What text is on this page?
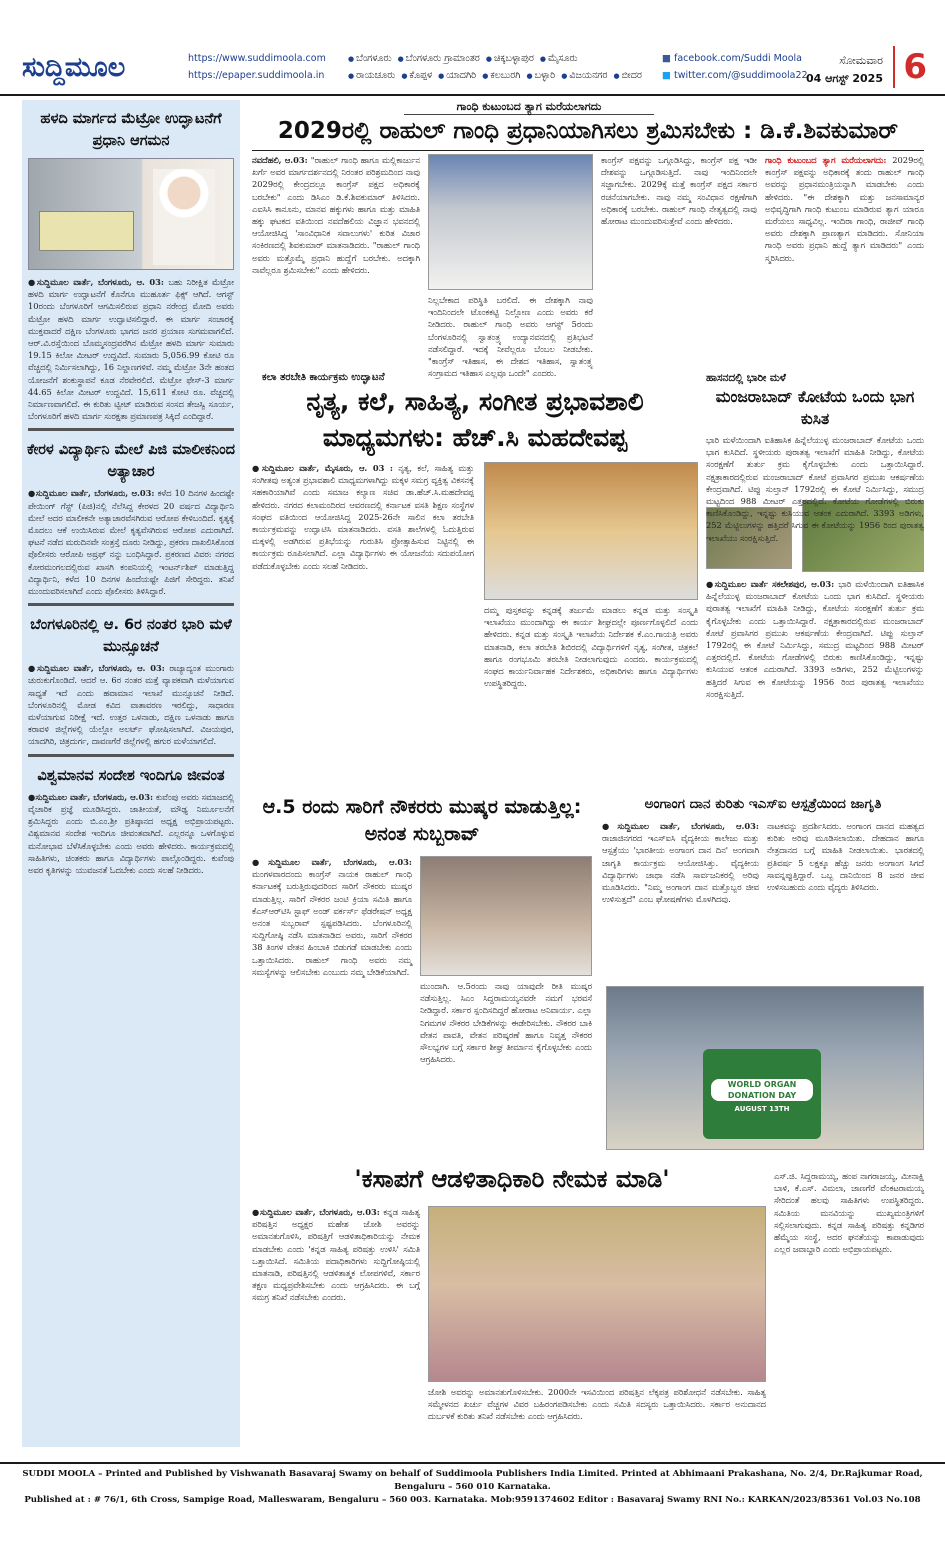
ಸುದ್ದಿಮೂಲ	https://www.suddimoola.com
https://epaper.suddimoola.in
● ಬೆಂಗಳೂರು ● ಬೆಂಗಳೂರು ಗ್ರಾಮಾಂತರ ● ಚಿಕ್ಕಬಳ್ಳಾಪುರ ● ಮೈಸೂರು
● ರಾಯಚೂರು ● ಕೊಪ್ಪಳ ● ಯಾದಗಿರಿ ● ಕಲಬುರಗಿ ● ಬಳ್ಳಾರಿ ● ವಿಜಯನಗರ ● ಬೀದರ
■ facebook.com/Suddi Moola
■ twitter.com/@suddimoola22
ಸೋಮವಾರ
04 ಆಗಸ್ಟ್ 2025 6
ಹಳದಿ ಮಾರ್ಗದ ಮೆಟ್ರೋ ಉದ್ಘಾಟನೆಗೆ ಪ್ರಧಾನಿ ಆಗಮನ
●ಸುದ್ದಿಮೂಲ ವಾರ್ತೆ, ಬೆಂಗಳೂರು, ಆ. 03: ಬಹು ನಿರೀಕ್ಷಿತ ಮೆಟ್ರೋ ಹಳದಿ ಮಾರ್ಗ ಉದ್ಘಾಟನೆಗೆ ಕೊನೆಗೂ ಮುಹೂರ್ತ ಫಿಕ್ಸ್ ಆಗಿದೆ. ಆಗಸ್ಟ್ 10ರಂದು ಬೆಂಗಳೂರಿಗೆ ಆಗಮಿಸಲಿರುವ ಪ್ರಧಾನಿ ನರೇಂದ್ರ ಮೋದಿ ಅವರು ಮೆಟ್ರೋ ಹಳದಿ ಮಾರ್ಗ ಉದ್ಘಾಟಿಸಲಿದ್ದಾರೆ. ಈ ಮಾರ್ಗ ಸಂಚಾರಕ್ಕೆ ಮುಕ್ತವಾದರೆ ದಕ್ಷಿಣ ಬೆಂಗಳೂರು ಭಾಗದ ಜನರ ಪ್ರಯಾಣ ಸುಗಮವಾಗಲಿದೆ. ಆರ್.ವಿ.ರಸ್ತೆಯಿಂದ ಬೊಮ್ಮಸಂದ್ರವರೆಗಿನ ಮೆಟ್ರೋ ಹಳದಿ ಮಾರ್ಗ ಸುಮಾರು 19.15 ಕಿಲೋ ಮೀಟರ್ ಉದ್ದವಿದೆ. ಸುಮಾರು 5,056.99 ಕೋಟಿ ರೂ ವೆಚ್ಚದಲ್ಲಿ ನಿರ್ಮಿಸಲಾಗಿದ್ದು, 16 ನಿಲ್ದಾಣಗಳಿವೆ. ನಮ್ಮ ಮೆಟ್ರೋ 3ನೇ ಹಂತದ ಯೋಜನೆಗೆ ಶಂಕುಸ್ಥಾಪನೆ ಕೂಡ ನೆರವೇರಲಿದೆ. ಮೆಟ್ರೋ ಫೇಸ್-3 ಮಾರ್ಗ 44.65 ಕಿಲೋ ಮೀಟರ್ ಉದ್ದವಿದೆ. 15,611 ಕೋಟಿ ರೂ. ವೆಚ್ಚದಲ್ಲಿ ನಿರ್ಮಾಣವಾಗಲಿದೆ. ಈ ಕುರಿತು ಟ್ವೀಟ್ ಮಾಡಿರುವ ಸಂಸದ ತೇಜಸ್ವಿ ಸೂರ್ಯ, ಬೆಂಗಳೂರಿಗೆ ಹಳದಿ ಮಾರ್ಗ ಸುರಕ್ಷತಾ ಪ್ರಮಾಣಪತ್ರ ಸಿಕ್ಕಿದೆ ಎಂದಿದ್ದಾರೆ.
ಕೇರಳ ವಿದ್ಯಾರ್ಥಿನಿ ಮೇಲೆ ಪಿಜಿ ಮಾಲೀಕನಿಂದ ಅತ್ಯಾಚಾರ
●ಸುದ್ದಿಮೂಲ ವಾರ್ತೆ, ಬೆಂಗಳೂರು, ಆ.03: ಕಳೆದ 10 ದಿನಗಳ ಹಿಂದಷ್ಟೇ ಪೇಯಿಂಗ್ ಗೆಸ್ಟ್ (ಪಿಜಿ)ನಲ್ಲಿ ನೆಲೆಸಿದ್ದ ಕೇರಳದ 20 ವರ್ಷದ ವಿದ್ಯಾರ್ಥಿನಿ ಮೇಲೆ ಅದರ ಮಾಲೀಕನೇ ಅತ್ಯಾಚಾರವೆಸಗಿರುವ ಆರೋಪ ಕೇಳಿಬಂದಿದೆ. ಕೃತ್ಯಕ್ಕೆ ಮೊದಲು ಆಕೆ ಉಯಿಸಿರುವ ಮೇಲೆ ಕೃತ್ಯವೆಸಗಿರುವ ಆರೋಪ ಎದುರಾಗಿದೆ. ಘಟನೆ ನಡೆದ ಮರುದಿನವೇ ಸಂತ್ರಸ್ತೆ ದೂರು ನೀಡಿದ್ದು, ಪ್ರಕರಣ ದಾಖಲಿಸಿಕೊಂಡ ಪೊಲೀಸರು ಆರೋಪಿ ಅಷ್ರಫ್ ನನ್ನು ಬಂಧಿಸಿದ್ದಾರೆ. ಪ್ರಕರಣದ ವಿವರ: ನಗರದ ಕೋರಮಂಗಲದಲ್ಲಿರುವ ಖಾಸಗಿ ಕಂಪನಿಯಲ್ಲಿ ಇಂಟರ್ನ್‌ಶಿಪ್ ಮಾಡುತ್ತಿದ್ದ ವಿದ್ಯಾರ್ಥಿನಿ, ಕಳೆದ 10 ದಿನಗಳ ಹಿಂದೆಯಷ್ಟೇ ಪಿಜಿಗೆ ಸೇರಿದ್ದರು. ತನಿಖೆ ಮುಂದುವರಿಸಲಾಗಿದೆ ಎಂದು ಪೊಲೀಸರು ತಿಳಿಸಿದ್ದಾರೆ.
ಬೆಂಗಳೂರಿನಲ್ಲಿ ಆ. 6ರ ನಂತರ ಭಾರಿ ಮಳೆ ಮುನ್ಸೂಚನೆ
●ಸುದ್ದಿಮೂಲ ವಾರ್ತೆ, ಬೆಂಗಳೂರು, ಆ. 03: ರಾಜ್ಯಾದ್ಯಂತ ಮುಂಗಾರು ಚುರುಕುಗೊಂಡಿದೆ. ಆದರೆ ಆ. 6ರ ನಂತರ ಮತ್ತೆ ವ್ಯಾಪಕವಾಗಿ ಮಳೆಯಾಗುವ ಸಾಧ್ಯತೆ ಇದೆ ಎಂದು ಹವಾಮಾನ ಇಲಾಖೆ ಮುನ್ಸೂಚನೆ ನೀಡಿದೆ. ಬೆಂಗಳೂರಿನಲ್ಲಿ ಮೋಡ ಕವಿದ ವಾತಾವರಣ ಇರಲಿದ್ದು, ಸಾಧಾರಣ ಮಳೆಯಾಗುವ ನಿರೀಕ್ಷೆ ಇದೆ. ಉತ್ತರ ಒಳನಾಡು, ದಕ್ಷಿಣ ಒಳನಾಡು ಹಾಗೂ ಕರಾವಳಿ ಜಿಲ್ಲೆಗಳಲ್ಲಿ ಯೆಲ್ಲೋ ಅಲರ್ಟ್ ಘೋಷಿಸಲಾಗಿದೆ. ವಿಜಯಪುರ, ಯಾದಗಿರಿ, ಚಿತ್ರದುರ್ಗ, ದಾವಣಗೆರೆ ಜಿಲ್ಲೆಗಳಲ್ಲಿ ಹಗುರ ಮಳೆಯಾಗಲಿದೆ.
ವಿಶ್ವಮಾನವ ಸಂದೇಶ ಇಂದಿಗೂ ಜೀವಂತ
●ಸುದ್ದಿಮೂಲ ವಾರ್ತೆ, ಬೆಂಗಳೂರು, ಆ.03: ಕುವೆಂಪು ಅವರು ಸಮಾಜದಲ್ಲಿ ವೈಚಾರಿಕ ಪ್ರಜ್ಞೆ ಮೂಡಿಸಿದ್ದರು. ಜಾತೀಯತೆ, ಮೌಢ್ಯ ನಿರ್ಮೂಲನೆಗೆ ಶ್ರಮಿಸಿದ್ದರು ಎಂದು ಬಿ.ಎಂ.ಶ್ರೀ ಪ್ರತಿಷ್ಠಾನದ ಅಧ್ಯಕ್ಷ ಅಭಿಪ್ರಾಯಪಟ್ಟರು. ವಿಶ್ವಮಾನವ ಸಂದೇಶ ಇಂದಿಗೂ ಜೀವಂತವಾಗಿದೆ. ಎಲ್ಲರನ್ನೂ ಒಳಗೊಳ್ಳುವ ಮನೋಭಾವ ಬೆಳೆಸಿಕೊಳ್ಳಬೇಕು ಎಂದು ಅವರು ಹೇಳಿದರು. ಕಾರ್ಯಕ್ರಮದಲ್ಲಿ ಸಾಹಿತಿಗಳು, ಚಿಂತಕರು ಹಾಗೂ ವಿದ್ಯಾರ್ಥಿಗಳು ಪಾಲ್ಗೊಂಡಿದ್ದರು. ಕುವೆಂಪು ಅವರ ಕೃತಿಗಳನ್ನು ಯುವಜನತೆ ಓದಬೇಕು ಎಂದು ಸಲಹೆ ನೀಡಿದರು.
ಗಾಂಧಿ ಕುಟುಂಬದ ತ್ಯಾಗ ಮರೆಯಲಾಗದು
2029ರಲ್ಲಿ ರಾಹುಲ್ ಗಾಂಧಿ ಪ್ರಧಾನಿಯಾಗಿಸಲು ಶ್ರಮಿಸಬೇಕು : ಡಿ.ಕೆ.ಶಿವಕುಮಾರ್
ನವದೆಹಲಿ, ಆ.03: "ರಾಹುಲ್ ಗಾಂಧಿ ಹಾಗೂ ಮಲ್ಲಿಕಾರ್ಜುನ ಖರ್ಗೆ ಅವರ ಮಾರ್ಗದರ್ಶನದಲ್ಲಿ ನಿರಂತರ ಪರಿಶ್ರಮದಿಂದ ನಾವು 2029ರಲ್ಲಿ ಕೇಂದ್ರದಲ್ಲೂ ಕಾಂಗ್ರೆಸ್ ಪಕ್ಷದ ಅಧಿಕಾರಕ್ಕೆ ಬರಬೇಕು" ಎಂದು ಡಿಸಿಎಂ ಡಿ.ಕೆ.ಶಿವಕುಮಾರ್ ತಿಳಿಸಿದರು. ಎಐಸಿಸಿ ಕಾನೂನು, ಮಾನವ ಹಕ್ಕುಗಳು ಹಾಗೂ ಮತ್ತು ಮಾಹಿತಿ ಹಕ್ಕು ಘಟಕದ ವತಿಯಿಂದ ನವದೆಹಲಿಯ ವಿಜ್ಞಾನ ಭವನದಲ್ಲಿ ಆಯೋಜಿಸಿದ್ದ 'ಸಾಂವಿಧಾನಿಕ ಸವಾಲುಗಳು' ಕುರಿತ ವಿಚಾರ ಸಂಕಿರಣದಲ್ಲಿ ಶಿವಕುಮಾರ್ ಮಾತನಾಡಿದರು. "ರಾಹುಲ್ ಗಾಂಧಿ ಅವರು ಮತ್ತೊಮ್ಮೆ ಪ್ರಧಾನಿ ಹುದ್ದೆಗೆ ಬರಬೇಕು. ಅದಕ್ಕಾಗಿ ನಾವೆಲ್ಲರೂ ಶ್ರಮಿಸಬೇಕು" ಎಂದು ಹೇಳಿದರು.
ನಿಲ್ಲಬೇಕಾದ ಪರಿಸ್ಥಿತಿ ಬರಲಿದೆ. ಈ ದೇಶಕ್ಕಾಗಿ ನಾವು ಇಂದಿನಿಂದಲೇ ಟೊಂಕಕಟ್ಟಿ ನಿಲ್ಲೋಣ ಎಂದು ಅವರು ಕರೆ ನೀಡಿದರು. ರಾಹುಲ್ ಗಾಂಧಿ ಅವರು ಆಗಸ್ಟ್ 5ರಂದು ಬೆಂಗಳೂರಿನಲ್ಲಿ ಸ್ವಾತಂತ್ರ್ಯ ಉದ್ಯಾನವನದಲ್ಲಿ ಪ್ರತಿಭಟನೆ ನಡೆಸಲಿದ್ದಾರೆ. ಇದಕ್ಕೆ ನೀವೆಲ್ಲರೂ ಬೆಂಬಲ ನೀಡಬೇಕು. "ಕಾಂಗ್ರೆಸ್ ಇತಿಹಾಸ, ಈ ದೇಶದ ಇತಿಹಾಸ, ಸ್ವಾತಂತ್ರ್ಯ ಸಂಗ್ರಾಮದ ಇತಿಹಾಸ ಎಲ್ಲವೂ ಒಂದೇ" ಎಂದರು.
ಕಾಂಗ್ರೆಸ್ ಪಕ್ಷವನ್ನು ಒಗ್ಗೂಡಿಸಿದ್ದು, ಕಾಂಗ್ರೆಸ್ ಪಕ್ಷ ಇಡೀ ದೇಶವನ್ನು ಒಗ್ಗೂಡಿಸುತ್ತಿದೆ. ನಾವು ಇಂದಿನಿಂದಲೇ ಸಜ್ಜಾಗಬೇಕು. 2029ಕ್ಕೆ ಮತ್ತೆ ಕಾಂಗ್ರೆಸ್ ಪಕ್ಷದ ಸರ್ಕಾರ ರಚನೆಯಾಗಬೇಕು. ನಾವು ನಮ್ಮ ಸಂವಿಧಾನ ರಕ್ಷಣೆಗಾಗಿ ಅಧಿಕಾರಕ್ಕೆ ಬರಬೇಕು. ರಾಹುಲ್ ಗಾಂಧಿ ನೇತೃತ್ವದಲ್ಲಿ ನಾವು ಹೋರಾಟ ಮುಂದುವರಿಸುತ್ತೇವೆ ಎಂದು ಹೇಳಿದರು.
ಗಾಂಧಿ ಕುಟುಂಬದ ತ್ಯಾಗ ಮರೆಯಲಾಗದು: 2029ರಲ್ಲಿ ಕಾಂಗ್ರೆಸ್ ಪಕ್ಷವನ್ನು ಅಧಿಕಾರಕ್ಕೆ ತಂದು ರಾಹುಲ್ ಗಾಂಧಿ ಅವರನ್ನು ಪ್ರಧಾನಮಂತ್ರಿಯನ್ನಾಗಿ ಮಾಡಬೇಕು ಎಂದು ಹೇಳಿದರು. "ಈ ದೇಶಕ್ಕಾಗಿ ಮತ್ತು ಜನಸಾಮಾನ್ಯರ ಅಭಿವೃದ್ಧಿಗಾಗಿ ಗಾಂಧಿ ಕುಟುಂಬ ಮಾಡಿರುವ ತ್ಯಾಗ ಯಾರೂ ಮರೆಯಲು ಸಾಧ್ಯವಿಲ್ಲ. ಇಂದಿರಾ ಗಾಂಧಿ, ರಾಜೀವ್ ಗಾಂಧಿ ಅವರು ದೇಶಕ್ಕಾಗಿ ಪ್ರಾಣತ್ಯಾಗ ಮಾಡಿದರು. ಸೋನಿಯಾ ಗಾಂಧಿ ಅವರು ಪ್ರಧಾನಿ ಹುದ್ದೆ ತ್ಯಾಗ ಮಾಡಿದರು" ಎಂದು ಸ್ಮರಿಸಿದರು.
ಕಲಾ ತರಬೇತಿ ಕಾರ್ಯಕ್ರಮ ಉದ್ಘಾಟನೆ
ನೃತ್ಯ, ಕಲೆ, ಸಾಹಿತ್ಯ, ಸಂಗೀತ ಪ್ರಭಾವಶಾಲಿ ಮಾಧ್ಯಮಗಳು: ಹೆಚ್.ಸಿ ಮಹದೇವಪ್ಪ
●ಸುದ್ದಿಮೂಲ ವಾರ್ತೆ, ಮೈಸೂರು, ಆ. 03 : ನೃತ್ಯ, ಕಲೆ, ಸಾಹಿತ್ಯ ಮತ್ತು ಸಂಗೀತವು ಅತ್ಯಂತ ಪ್ರಭಾವಶಾಲಿ ಮಾಧ್ಯಮಗಳಾಗಿದ್ದು ಮಕ್ಕಳ ಸಮಗ್ರ ವ್ಯಕ್ತಿತ್ವ ವಿಕಸನಕ್ಕೆ ಸಹಕಾರಿಯಾಗಿವೆ ಎಂದು ಸಮಾಜ ಕಲ್ಯಾಣ ಸಚಿವ ಡಾ.ಹೆಚ್.ಸಿ.ಮಹದೇವಪ್ಪ ಹೇಳಿದರು. ನಗರದ ಕಲಾಮಂದಿರದ ಆವರಣದಲ್ಲಿ ಕರ್ನಾಟಕ ವಸತಿ ಶಿಕ್ಷಣ ಸಂಸ್ಥೆಗಳ ಸಂಘದ ವತಿಯಿಂದ ಆಯೋಜಿಸಿದ್ದ 2025-26ನೇ ಸಾಲಿನ ಕಲಾ ತರಬೇತಿ ಕಾರ್ಯಕ್ರಮವನ್ನು ಉದ್ಘಾಟಿಸಿ ಮಾತನಾಡಿದರು. ವಸತಿ ಶಾಲೆಗಳಲ್ಲಿ ಓದುತ್ತಿರುವ ಮಕ್ಕಳಲ್ಲಿ ಅಡಗಿರುವ ಪ್ರತಿಭೆಯನ್ನು ಗುರುತಿಸಿ ಪ್ರೋತ್ಸಾಹಿಸುವ ನಿಟ್ಟಿನಲ್ಲಿ ಈ ಕಾರ್ಯಕ್ರಮ ರೂಪಿಸಲಾಗಿದೆ. ಎಲ್ಲಾ ವಿದ್ಯಾರ್ಥಿಗಳು ಈ ಯೋಜನೆಯ ಸದುಪಯೋಗ ಪಡೆದುಕೊಳ್ಳಬೇಕು ಎಂದು ಸಲಹೆ ನೀಡಿದರು.
ದಮ್ಮ ಪುಸ್ತಕವನ್ನು ಕನ್ನಡಕ್ಕೆ ತರ್ಜುಮೆ ಮಾಡಲು ಕನ್ನಡ ಮತ್ತು ಸಂಸ್ಕೃತಿ ಇಲಾಖೆಯು ಮುಂದಾಗಿದ್ದು ಈ ಕಾರ್ಯ ಶೀಘ್ರದಲ್ಲೇ ಪೂರ್ಣಗೊಳ್ಳಲಿದೆ ಎಂದು ಹೇಳಿದರು. ಕನ್ನಡ ಮತ್ತು ಸಂಸ್ಕೃತಿ ಇಲಾಖೆಯ ನಿರ್ದೇಶಕ ಕೆ.ಎಂ.ಗಾಯತ್ರಿ ಅವರು ಮಾತನಾಡಿ, ಕಲಾ ತರಬೇತಿ ಶಿಬಿರದಲ್ಲಿ ವಿದ್ಯಾರ್ಥಿಗಳಿಗೆ ನೃತ್ಯ, ಸಂಗೀತ, ಚಿತ್ರಕಲೆ ಹಾಗೂ ರಂಗಭೂಮಿ ತರಬೇತಿ ನೀಡಲಾಗುವುದು ಎಂದರು. ಕಾರ್ಯಕ್ರಮದಲ್ಲಿ ಸಂಘದ ಕಾರ್ಯನಿರ್ವಾಹಕ ನಿರ್ದೇಶಕರು, ಅಧಿಕಾರಿಗಳು ಹಾಗೂ ವಿದ್ಯಾರ್ಥಿಗಳು ಉಪಸ್ಥಿತರಿದ್ದರು.
ಹಾಸನದಲ್ಲಿ ಭಾರೀ ಮಳೆ
ಮಂಜರಾಬಾದ್ ಕೋಟೆಯ ಒಂದು ಭಾಗ ಕುಸಿತ
●ಸುದ್ದಿಮೂಲ ವಾರ್ತೆ ಸಕಲೇಶಪುರ, ಆ.03: ಭಾರಿ ಮಳೆಯಿಂದಾಗಿ ಐತಿಹಾಸಿಕ ಹಿನ್ನೆಲೆಯುಳ್ಳ ಮಂಜರಾಬಾದ್ ಕೋಟೆಯ ಒಂದು ಭಾಗ ಕುಸಿದಿದೆ. ಸ್ಥಳೀಯರು ಪುರಾತತ್ವ ಇಲಾಖೆಗೆ ಮಾಹಿತಿ ನೀಡಿದ್ದು, ಕೋಟೆಯ ಸಂರಕ್ಷಣೆಗೆ ತುರ್ತು ಕ್ರಮ ಕೈಗೊಳ್ಳಬೇಕು ಎಂದು ಒತ್ತಾಯಿಸಿದ್ದಾರೆ. ನಕ್ಷತ್ರಾಕಾರದಲ್ಲಿರುವ ಮಂಜರಾಬಾದ್ ಕೋಟೆ ಪ್ರವಾಸಿಗರ ಪ್ರಮುಖ ಆಕರ್ಷಣೆಯ ಕೇಂದ್ರವಾಗಿದೆ. ಟಿಪ್ಪು ಸುಲ್ತಾನ್ 1792ರಲ್ಲಿ ಈ ಕೋಟೆ ನಿರ್ಮಿಸಿದ್ದು, ಸಮುದ್ರ ಮಟ್ಟದಿಂದ 988 ಮೀಟರ್ ಎತ್ತರದಲ್ಲಿದೆ. ಕೋಟೆಯ ಗೋಡೆಗಳಲ್ಲಿ ಬಿರುಕು ಕಾಣಿಸಿಕೊಂಡಿದ್ದು, ಇನ್ನಷ್ಟು ಕುಸಿಯುವ ಆತಂಕ ಎದುರಾಗಿದೆ. 3393 ಅಡಿಗಳು, 252 ಮೆಟ್ಟಿಲುಗಳನ್ನು ಹತ್ತಿದರೆ ಸಿಗುವ ಈ ಕೋಟೆಯನ್ನು 1956 ರಿಂದ ಪುರಾತತ್ವ ಇಲಾಖೆಯು ಸಂರಕ್ಷಿಸುತ್ತಿದೆ.
ಭಾರಿ ಮಳೆಯಿಂದಾಗಿ ಐತಿಹಾಸಿಕ ಹಿನ್ನೆಲೆಯುಳ್ಳ ಮಂಜರಾಬಾದ್ ಕೋಟೆಯ ಒಂದು ಭಾಗ ಕುಸಿದಿದೆ. ಸ್ಥಳೀಯರು ಪುರಾತತ್ವ ಇಲಾಖೆಗೆ ಮಾಹಿತಿ ನೀಡಿದ್ದು, ಕೋಟೆಯ ಸಂರಕ್ಷಣೆಗೆ ತುರ್ತು ಕ್ರಮ ಕೈಗೊಳ್ಳಬೇಕು ಎಂದು ಒತ್ತಾಯಿಸಿದ್ದಾರೆ. ನಕ್ಷತ್ರಾಕಾರದಲ್ಲಿರುವ ಮಂಜರಾಬಾದ್ ಕೋಟೆ ಪ್ರವಾಸಿಗರ ಪ್ರಮುಖ ಆಕರ್ಷಣೆಯ ಕೇಂದ್ರವಾಗಿದೆ. ಟಿಪ್ಪು ಸುಲ್ತಾನ್ 1792ರಲ್ಲಿ ಈ ಕೋಟೆ ನಿರ್ಮಿಸಿದ್ದು, ಸಮುದ್ರ ಮಟ್ಟದಿಂದ 988 ಮೀಟರ್ ಎತ್ತರದಲ್ಲಿದೆ. ಕೋಟೆಯ ಗೋಡೆಗಳಲ್ಲಿ ಬಿರುಕು ಕಾಣಿಸಿಕೊಂಡಿದ್ದು, ಇನ್ನಷ್ಟು ಕುಸಿಯುವ ಆತಂಕ ಎದುರಾಗಿದೆ. 3393 ಅಡಿಗಳು, 252 ಮೆಟ್ಟಿಲುಗಳನ್ನು ಹತ್ತಿದರೆ ಸಿಗುವ ಈ ಕೋಟೆಯನ್ನು 1956 ರಿಂದ ಪುರಾತತ್ವ ಇಲಾಖೆಯು ಸಂರಕ್ಷಿಸುತ್ತಿದೆ.
ಆ.5 ರಂದು ಸಾರಿಗೆ ನೌಕರರು ಮುಷ್ಕರ ಮಾಡುತ್ತಿಲ್ಲ: ಅನಂತ ಸುಬ್ಬರಾವ್
●ಸುದ್ದಿಮೂಲ ವಾರ್ತೆ, ಬೆಂಗಳೂರು, ಆ.03: ಮಂಗಳವಾರದಂದು ಕಾಂಗ್ರೆಸ್ ನಾಯಕ ರಾಹುಲ್ ಗಾಂಧಿ ಕರ್ನಾಟಕಕ್ಕೆ ಬರುತ್ತಿರುವುದರಿಂದ ಸಾರಿಗೆ ನೌಕರರು ಮುಷ್ಕರ ಮಾಡುತ್ತಿಲ್ಲ. ಸಾರಿಗೆ ನೌಕರರ ಜಂಟಿ ಕ್ರಿಯಾ ಸಮಿತಿ ಹಾಗೂ ಕೆಎಸ್ಆರ್‌ಟಿಸಿ ಸ್ಟಾಫ್ ಅಂಡ್ ವರ್ಕರ್ಸ್ ಫೆಡರೇಷನ್ ಅಧ್ಯಕ್ಷ ಅನಂತ ಸುಬ್ಬರಾವ್ ಸ್ಪಷ್ಟಪಡಿಸಿದರು. ಬೆಂಗಳೂರಿನಲ್ಲಿ ಸುದ್ದಿಗೋಷ್ಠಿ ನಡೆಸಿ ಮಾತನಾಡಿದ ಅವರು, ಸಾರಿಗೆ ನೌಕರರ 38 ತಿಂಗಳ ವೇತನ ಹಿಂಬಾಕಿ ಬಿಡುಗಡೆ ಮಾಡಬೇಕು ಎಂದು ಒತ್ತಾಯಿಸಿದರು. ರಾಹುಲ್ ಗಾಂಧಿ ಅವರು ನಮ್ಮ ಸಮಸ್ಯೆಗಳನ್ನು ಆಲಿಸಬೇಕು ಎಂಬುದು ನಮ್ಮ ಬೇಡಿಕೆಯಾಗಿದೆ.
ಮುಂದಾಗಿ. ಆ.5ರಂದು ನಾವು ಯಾವುದೇ ರೀತಿ ಮುಷ್ಕರ ನಡೆಸುತ್ತಿಲ್ಲ. ಸಿಎಂ ಸಿದ್ದರಾಮಯ್ಯನವರೇ ನಮಗೆ ಭರವಸೆ ನೀಡಿದ್ದಾರೆ. ಸರ್ಕಾರ ಸ್ಪಂದಿಸದಿದ್ದರೆ ಹೋರಾಟ ಅನಿವಾರ್ಯ. ಎಲ್ಲಾ ನಿಗಮಗಳ ನೌಕರರ ಬೇಡಿಕೆಗಳನ್ನು ಈಡೇರಿಸಬೇಕು. ನೌಕರರ ಬಾಕಿ ವೇತನ ಪಾವತಿ, ವೇತನ ಪರಿಷ್ಕರಣೆ ಹಾಗೂ ನಿವೃತ್ತ ನೌಕರರ ಸೌಲಭ್ಯಗಳ ಬಗ್ಗೆ ಸರ್ಕಾರ ಶೀಘ್ರ ತೀರ್ಮಾನ ಕೈಗೊಳ್ಳಬೇಕು ಎಂದು ಆಗ್ರಹಿಸಿದರು.
ಅಂಗಾಂಗ ದಾನ ಕುರಿತು ಇಎಸ್ಐ ಆಸ್ಪತ್ರೆಯಿಂದ ಜಾಗೃತಿ
●ಸುದ್ದಿಮೂಲ ವಾರ್ತೆ, ಬೆಂಗಳೂರು, ಆ.03: ರಾಜಾಜಿನಗರದ ಇಎಸ್ಐಸಿ ವೈದ್ಯಕೀಯ ಕಾಲೇಜು ಮತ್ತು ಆಸ್ಪತ್ರೆಯು 'ಭಾರತೀಯ ಅಂಗಾಂಗ ದಾನ ದಿನ' ಅಂಗವಾಗಿ ಜಾಗೃತಿ ಕಾರ್ಯಕ್ರಮ ಆಯೋಜಿಸಿತ್ತು. ವೈದ್ಯಕೀಯ ವಿದ್ಯಾರ್ಥಿಗಳು ಜಾಥಾ ನಡೆಸಿ ಸಾರ್ವಜನಿಕರಲ್ಲಿ ಅರಿವು ಮೂಡಿಸಿದರು. "ನಿಮ್ಮ ಅಂಗಾಂಗ ದಾನ ಮತ್ತೊಬ್ಬರ ಜೀವ ಉಳಿಸುತ್ತದೆ" ಎಂಬ ಘೋಷಣೆಗಳು ಮೊಳಗಿದವು.
ನಾಟಕವನ್ನು ಪ್ರದರ್ಶಿಸಿದರು. ಅಂಗಾಂಗ ದಾನದ ಮಹತ್ವದ ಕುರಿತು ಅರಿವು ಮೂಡಿಸಲಾಯಿತು. ದೇಹದಾನ ಹಾಗೂ ನೇತ್ರದಾನದ ಬಗ್ಗೆ ಮಾಹಿತಿ ನೀಡಲಾಯಿತು. ಭಾರತದಲ್ಲಿ ಪ್ರತಿವರ್ಷ 5 ಲಕ್ಷಕ್ಕೂ ಹೆಚ್ಚು ಜನರು ಅಂಗಾಂಗ ಸಿಗದೆ ಸಾವನ್ನಪ್ಪುತ್ತಿದ್ದಾರೆ. ಒಬ್ಬ ದಾನಿಯಿಂದ 8 ಜನರ ಜೀವ ಉಳಿಸಬಹುದು ಎಂದು ವೈದ್ಯರು ತಿಳಿಸಿದರು.
WORLD ORGAN DONATION DAY
AUGUST 13TH
'ಕಸಾಪಗೆ ಆಡಳಿತಾಧಿಕಾರಿ ನೇಮಕ ಮಾಡಿ'
●ಸುದ್ದಿಮೂಲ ವಾರ್ತೆ, ಬೆಂಗಳೂರು, ಆ.03: ಕನ್ನಡ ಸಾಹಿತ್ಯ ಪರಿಷತ್ತಿನ ಅಧ್ಯಕ್ಷರ ಮಹೇಶ ಜೋಶಿ ಅವರನ್ನು ಅಮಾನತುಗೊಳಿಸಿ, ಪರಿಷತ್ತಿಗೆ ಆಡಳಿತಾಧಿಕಾರಿಯನ್ನು ನೇಮಕ ಮಾಡಬೇಕು ಎಂದು 'ಕನ್ನಡ ಸಾಹಿತ್ಯ ಪರಿಷತ್ತು ಉಳಿಸಿ' ಸಮಿತಿ ಒತ್ತಾಯಿಸಿದೆ. ಸಮಿತಿಯ ಪದಾಧಿಕಾರಿಗಳು ಸುದ್ದಿಗೋಷ್ಠಿಯಲ್ಲಿ ಮಾತನಾಡಿ, ಪರಿಷತ್ತಿನಲ್ಲಿ ಆಡಳಿತಾತ್ಮಕ ಲೋಪಗಳಿವೆ, ಸರ್ಕಾರ ತಕ್ಷಣ ಮಧ್ಯಪ್ರವೇಶಿಸಬೇಕು ಎಂದು ಆಗ್ರಹಿಸಿದರು. ಈ ಬಗ್ಗೆ ಸಮಗ್ರ ತನಿಖೆ ನಡೆಸಬೇಕು ಎಂದರು.
ಜೋಶಿ ಅವರನ್ನು ಅಮಾನತುಗೊಳಿಸಬೇಕು. 2000ನೇ ಇಸವಿಯಿಂದ ಪರಿಷತ್ತಿನ ಲೆಕ್ಕಪತ್ರ ಪರಿಶೋಧನೆ ನಡೆಸಬೇಕು. ಸಾಹಿತ್ಯ ಸಮ್ಮೇಳನದ ಖರ್ಚು ವೆಚ್ಚಗಳ ವಿವರ ಬಹಿರಂಗಪಡಿಸಬೇಕು ಎಂದು ಸಮಿತಿ ಸದಸ್ಯರು ಒತ್ತಾಯಿಸಿದರು. ಸರ್ಕಾರ ಅನುದಾನದ ದುರ್ಬಳಕೆ ಕುರಿತು ತನಿಖೆ ನಡೆಸಬೇಕು ಎಂದು ಆಗ್ರಹಿಸಿದರು.
ಎಸ್.ಜಿ. ಸಿದ್ದರಾಮಯ್ಯ, ಹಂಪ ನಾಗರಾಜಯ್ಯ, ಮೀನಾಕ್ಷಿ ಬಾಳಿ, ಕೆ.ಎಸ್. ವಿಮಲಾ, ಜಾಣಗೆರೆ ವೆಂಕಟರಾಮಯ್ಯ ಸೇರಿದಂತೆ ಹಲವು ಸಾಹಿತಿಗಳು ಉಪಸ್ಥಿತರಿದ್ದರು. ಸಮಿತಿಯ ಮನವಿಯನ್ನು ಮುಖ್ಯಮಂತ್ರಿಗಳಿಗೆ ಸಲ್ಲಿಸಲಾಗುವುದು. ಕನ್ನಡ ಸಾಹಿತ್ಯ ಪರಿಷತ್ತು ಕನ್ನಡಿಗರ ಹೆಮ್ಮೆಯ ಸಂಸ್ಥೆ, ಅದರ ಘನತೆಯನ್ನು ಕಾಪಾಡುವುದು ಎಲ್ಲರ ಜವಾಬ್ದಾರಿ ಎಂದು ಅಭಿಪ್ರಾಯಪಟ್ಟರು.
SUDDI MOOLA – Printed and Published by Vishwanath Basavaraj Swamy on behalf of Suddimoola Publishers India Limited. Printed at Abhimaani Prakashana, No. 2/4, Dr.Rajkumar Road, Bengaluru – 560 010 Karnataka.
Published at : # 76/1, 6th Cross, Sampige Road, Malleswaram, Bengaluru – 560 003. Karnataka. Mob:9591374602 Editor : Basavaraj Swamy RNI No.: KARKAN/2023/85361 Vol.03 No.108
